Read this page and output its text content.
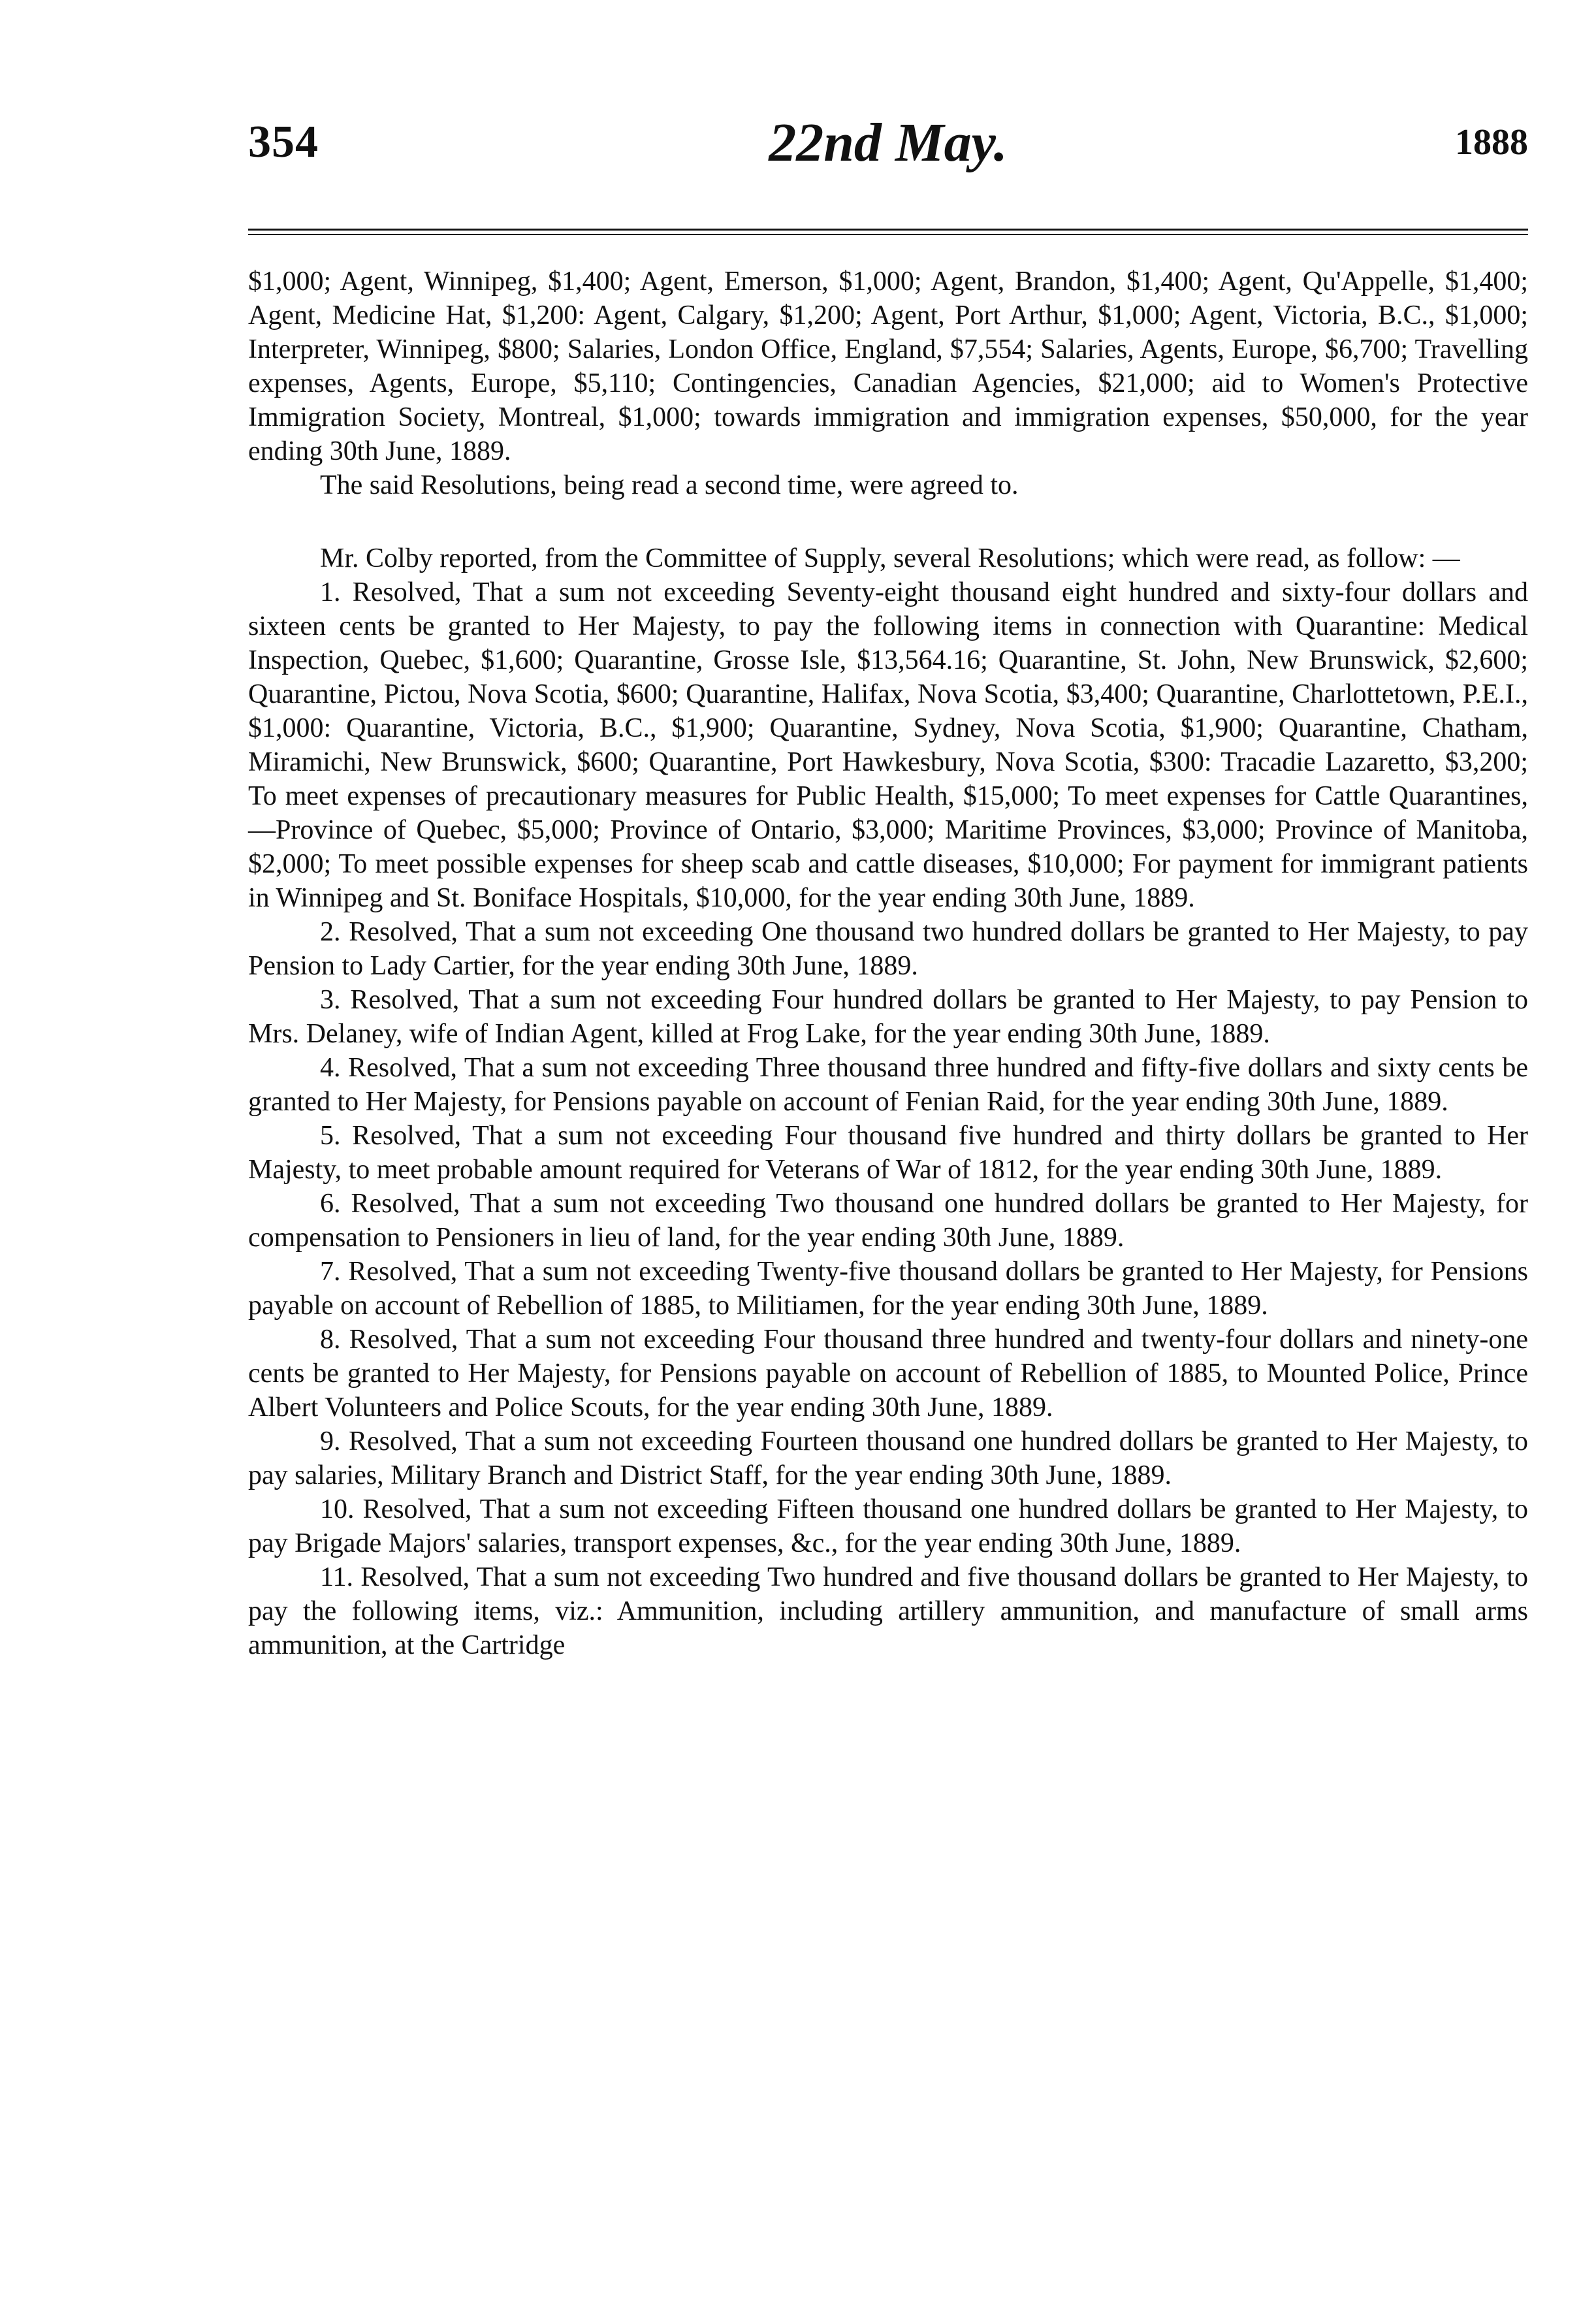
354	22nd May.	1888

$1,000; Agent, Winnipeg, $1,400; Agent, Emerson, $1,000; Agent, Brandon, $1,400; Agent, Qu'Appelle, $1,400; Agent, Medicine Hat, $1,200: Agent, Calgary, $1,200; Agent, Port Arthur, $1,000; Agent, Victoria, B.C., $1,000; Interpreter, Winnipeg, $800; Salaries, London Office, England, $7,554; Salaries, Agents, Europe, $6,700; Travelling expenses, Agents, Europe, $5,110; Contingencies, Canadian Agencies, $21,000; aid to Women's Protective Immigration Society, Montreal, $1,000; towards immigration and immigration expenses, $50,000, for the year ending 30th June, 1889.

The said Resolutions, being read a second time, were agreed to.

Mr. Colby reported, from the Committee of Supply, several Resolutions; which were read, as follow: —

1. Resolved, That a sum not exceeding Seventy-eight thousand eight hundred and sixty-four dollars and sixteen cents be granted to Her Majesty, to pay the following items in connection with Quarantine: Medical Inspection, Quebec, $1,600; Quarantine, Grosse Isle, $13,564.16; Quarantine, St. John, New Brunswick, $2,600; Quarantine, Pictou, Nova Scotia, $600; Quarantine, Halifax, Nova Scotia, $3,400; Quarantine, Charlottetown, P.E.I., $1,000: Quarantine, Victoria, B.C., $1,900; Quarantine, Sydney, Nova Scotia, $1,900; Quarantine, Chatham, Miramichi, New Brunswick, $600; Quarantine, Port Hawkesbury, Nova Scotia, $300: Tracadie Lazaretto, $3,200; To meet expenses of precautionary measures for Public Health, $15,000; To meet expenses for Cattle Quarantines,—Province of Quebec, $5,000; Province of Ontario, $3,000; Maritime Provinces, $3,000; Province of Manitoba, $2,000; To meet possible expenses for sheep scab and cattle diseases, $10,000; For payment for immigrant patients in Winnipeg and St. Boniface Hospitals, $10,000, for the year ending 30th June, 1889.

2. Resolved, That a sum not exceeding One thousand two hundred dollars be granted to Her Majesty, to pay Pension to Lady Cartier, for the year ending 30th June, 1889.

3. Resolved, That a sum not exceeding Four hundred dollars be granted to Her Majesty, to pay Pension to Mrs. Delaney, wife of Indian Agent, killed at Frog Lake, for the year ending 30th June, 1889.

4. Resolved, That a sum not exceeding Three thousand three hundred and fifty-five dollars and sixty cents be granted to Her Majesty, for Pensions payable on account of Fenian Raid, for the year ending 30th June, 1889.

5. Resolved, That a sum not exceeding Four thousand five hundred and thirty dollars be granted to Her Majesty, to meet probable amount required for Veterans of War of 1812, for the year ending 30th June, 1889.

6. Resolved, That a sum not exceeding Two thousand one hundred dollars be granted to Her Majesty, for compensation to Pensioners in lieu of land, for the year ending 30th June, 1889.

7. Resolved, That a sum not exceeding Twenty-five thousand dollars be granted to Her Majesty, for Pensions payable on account of Rebellion of 1885, to Militiamen, for the year ending 30th June, 1889.

8. Resolved, That a sum not exceeding Four thousand three hundred and twenty-four dollars and ninety-one cents be granted to Her Majesty, for Pensions payable on account of Rebellion of 1885, to Mounted Police, Prince Albert Volunteers and Police Scouts, for the year ending 30th June, 1889.

9. Resolved, That a sum not exceeding Fourteen thousand one hundred dollars be granted to Her Majesty, to pay salaries, Military Branch and District Staff, for the year ending 30th June, 1889.

10. Resolved, That a sum not exceeding Fifteen thousand one hundred dollars be granted to Her Majesty, to pay Brigade Majors' salaries, transport expenses, &c., for the year ending 30th June, 1889.

11. Resolved, That a sum not exceeding Two hundred and five thousand dollars be granted to Her Majesty, to pay the following items, viz.: Ammunition, including artillery ammunition, and manufacture of small arms ammunition, at the Cartridge
